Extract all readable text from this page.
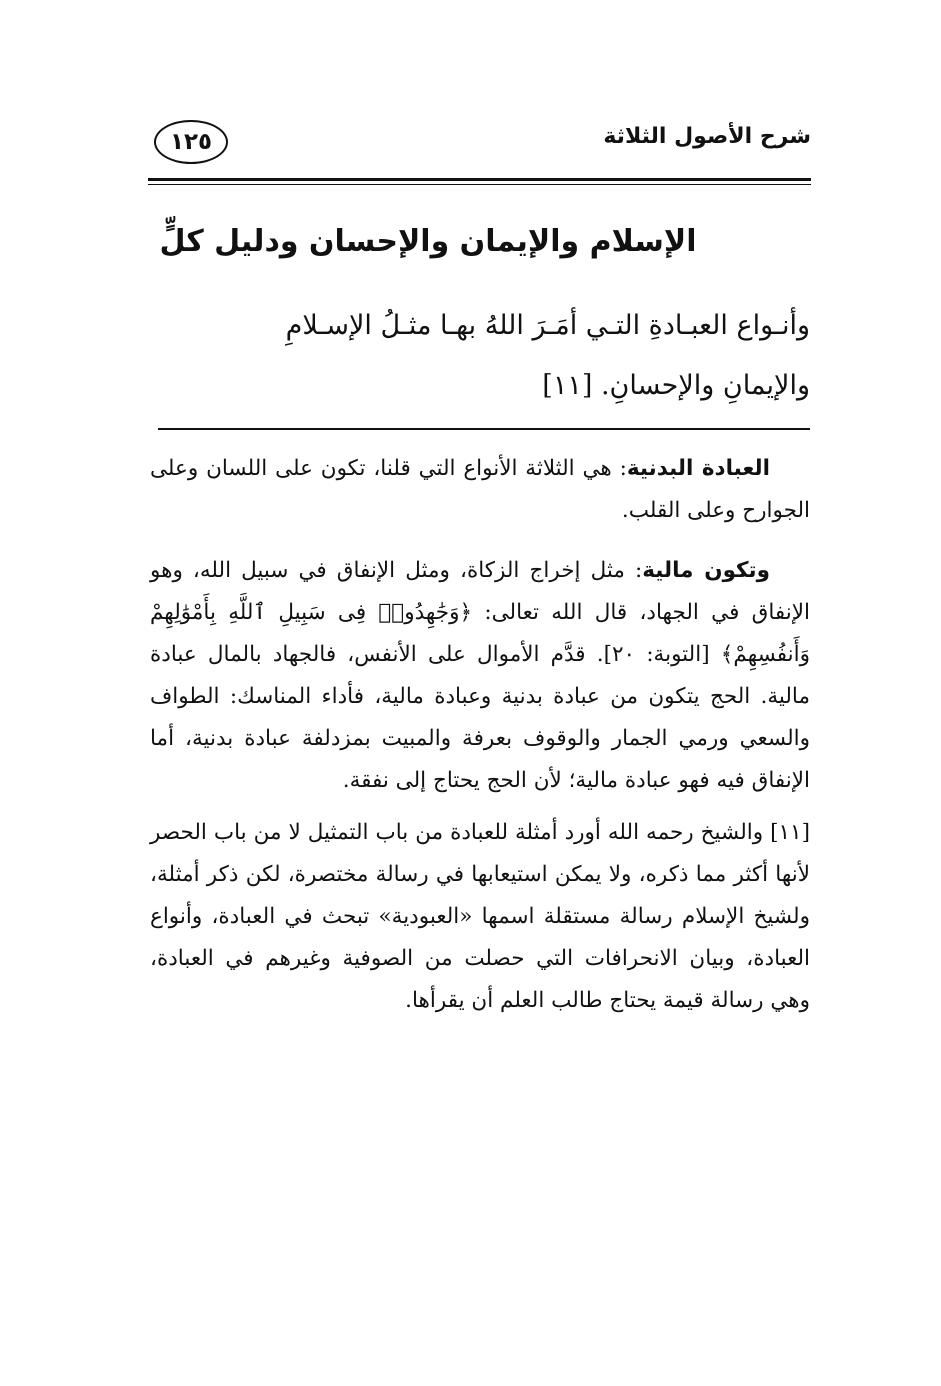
شرح الأصول الثلاثة
١٢٥
الإسلام والإيمان والإحسان ودليل كلٍّ
وأنـواع العبـادةِ التـي أمَـرَ اللهُ بهـا مثـلُ الإسـلامِ
والإيمانِ والإحسانِ. [١١]

العبادة البدنية: هي الثلاثة الأنواع التي قلنا، تكون على اللسان وعلى الجوارح وعلى القلب.

وتكون مالية: مثل إخراج الزكاة، ومثل الإنفاق في سبيل الله، وهو الإنفاق في الجهاد، قال الله تعالى: ﴿وَجَٰهِدُوا۟ فِى سَبِيلِ ٱللَّهِ بِأَمْوَٰلِهِمْ وَأَنفُسِهِمْ﴾ [التوبة: ٢٠]. قدَّم الأموال على الأنفس، فالجهاد بالمال عبادة مالية. الحج يتكون من عبادة بدنية وعبادة مالية، فأداء المناسك: الطواف والسعي ورمي الجمار والوقوف بعرفة والمبيت بمزدلفة عبادة بدنية، أما الإنفاق فيه فهو عبادة مالية؛ لأن الحج يحتاج إلى نفقة.

[١١] والشيخ رحمه الله أورد أمثلة للعبادة من باب التمثيل لا من باب الحصر لأنها أكثر مما ذكره، ولا يمكن استيعابها في رسالة مختصرة، لكن ذكر أمثلة، ولشيخ الإسلام رسالة مستقلة اسمها «العبودية» تبحث في العبادة، وأنواع العبادة، وبيان الانحرافات التي حصلت من الصوفية وغيرهم في العبادة، وهي رسالة قيمة يحتاج طالب العلم أن يقرأها.
